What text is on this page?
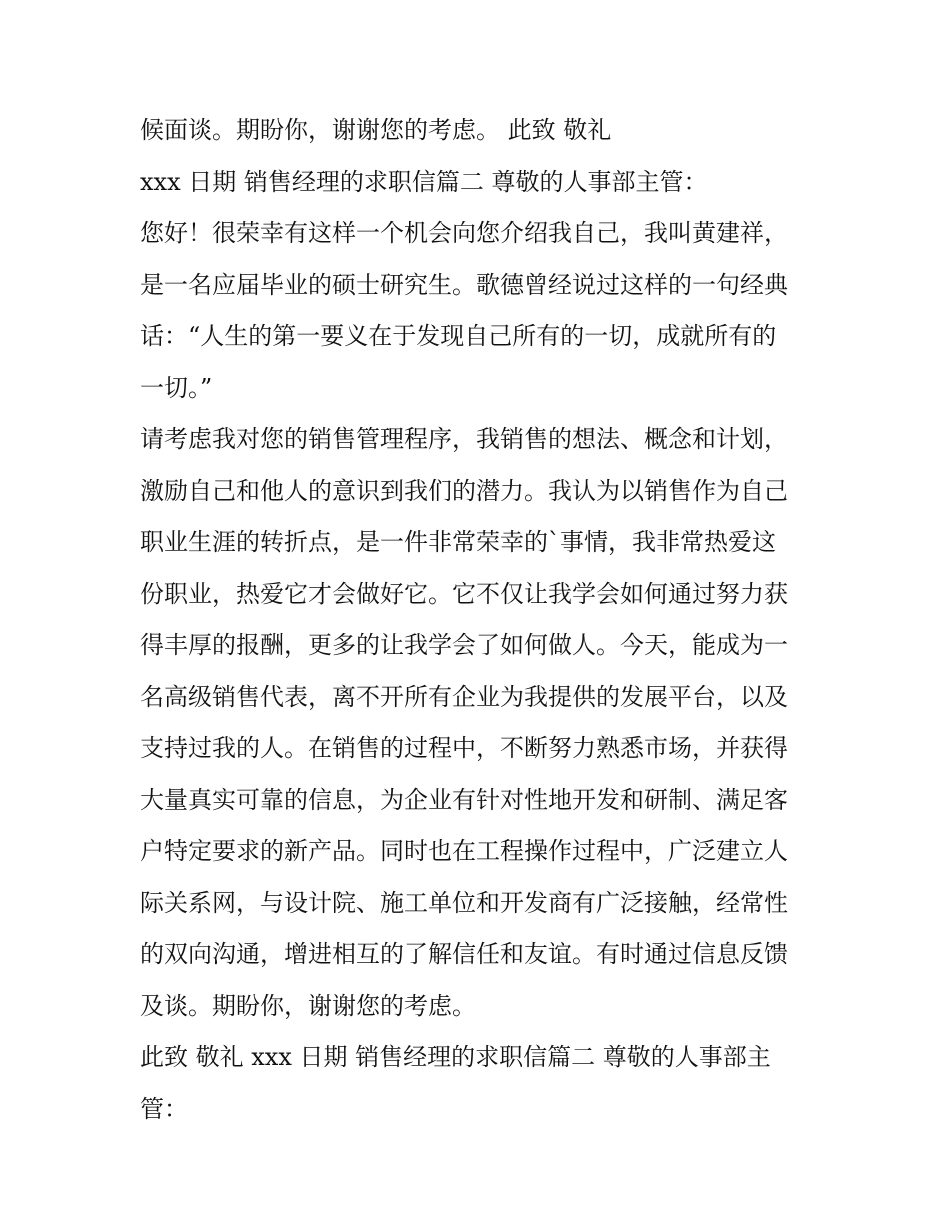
候面谈。期盼你，谢谢您的考虑。 此致 敬礼
xxx 日期 销售经理的求职信篇二 尊敬的人事部主管：
您好！很荣幸有这样一个机会向您介绍我自己，我叫黄建祥，
是一名应届毕业的硕士研究生。歌德曾经说过这样的一句经典
话：“人生的第一要义在于发现自己所有的一切，成就所有的
一切。”
请考虑我对您的销售管理程序，我销售的想法、概念和计划，
激励自己和他人的意识到我们的潜力。我认为以销售作为自己
职业生涯的转折点，是一件非常荣幸的`事情，我非常热爱这
份职业，热爱它才会做好它。它不仅让我学会如何通过努力获
得丰厚的报酬，更多的让我学会了如何做人。今天，能成为一
名高级销售代表，离不开所有企业为我提供的发展平台，以及
支持过我的人。在销售的过程中，不断努力熟悉市场，并获得
大量真实可靠的信息，为企业有针对性地开发和研制、满足客
户特定要求的新产品。同时也在工程操作过程中，广泛建立人
际关系网，与设计院、施工单位和开发商有广泛接触，经常性
的双向沟通，增进相互的了解信任和友谊。有时通过信息反馈
及谈。期盼你，谢谢您的考虑。
此致 敬礼 xxx 日期 销售经理的求职信篇二 尊敬的人事部主
管：
